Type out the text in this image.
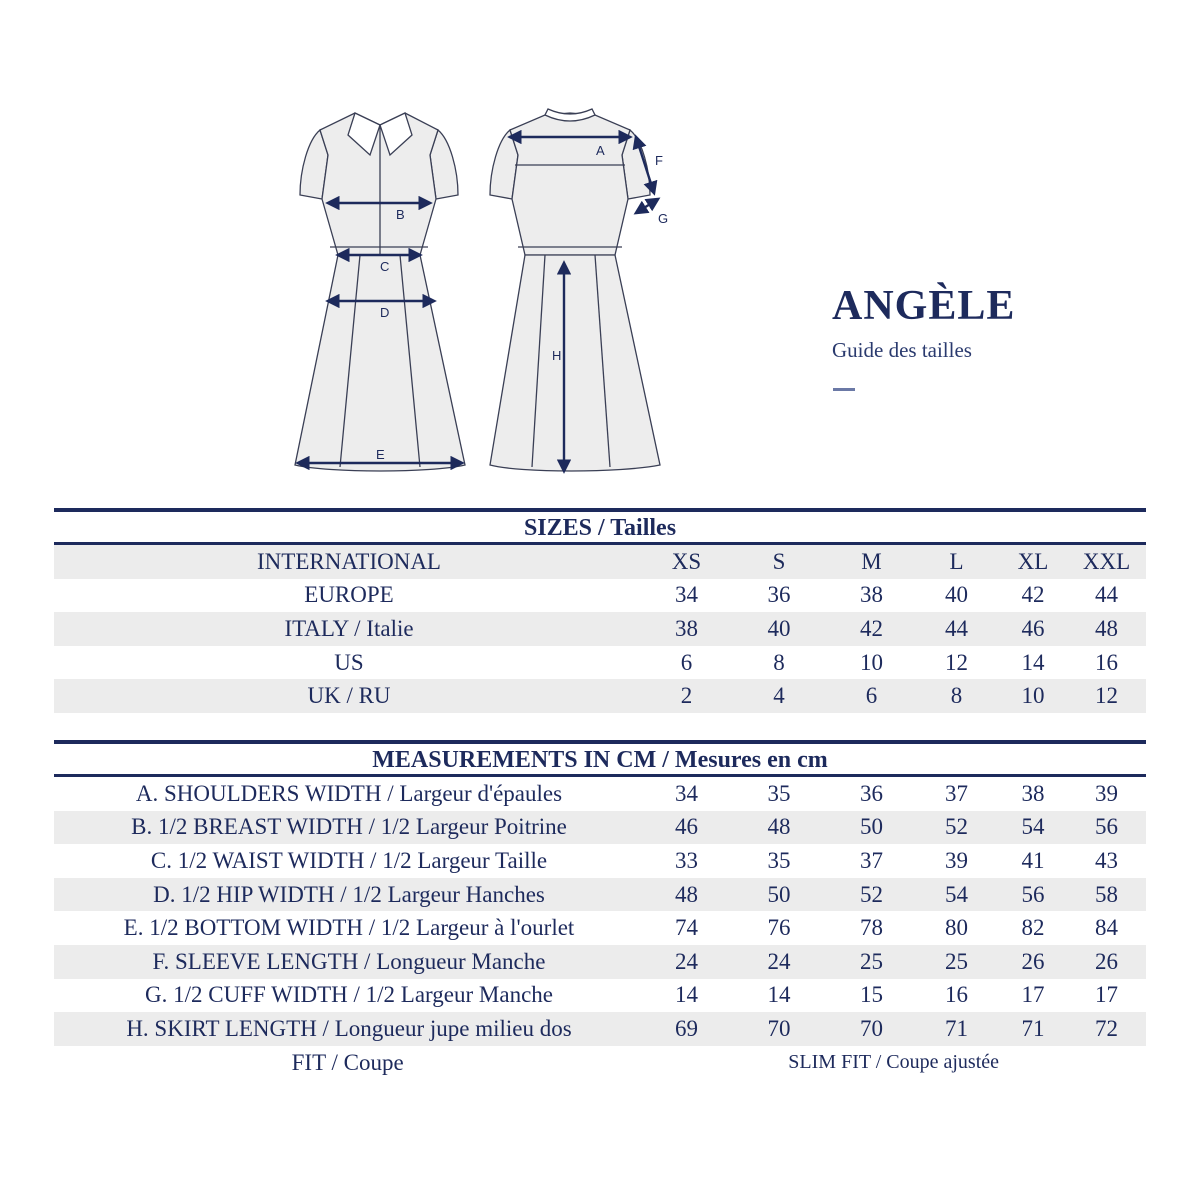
B
C
D
E
A
F
G
H
ANGÈLE
Guide des tailles
SIZES / Tailles
INTERNATIONAL	XS	S	M	L	XL	XXL
EUROPE	34	36	38	40	42	44
ITALY / Italie	38	40	42	44	46	48
US	6	8	10	12	14	16
UK / RU	2	4	6	8	10	12
MEASUREMENTS IN CM / Mesures en cm
A. SHOULDERS WIDTH / Largeur d'épaules	34	35	36	37	38	39
B. 1/2 BREAST WIDTH / 1/2 Largeur Poitrine	46	48	50	52	54	56
C. 1/2 WAIST WIDTH / 1/2 Largeur Taille	33	35	37	39	41	43
D. 1/2 HIP WIDTH / 1/2 Largeur Hanches	48	50	52	54	56	58
E. 1/2 BOTTOM WIDTH / 1/2 Largeur à l'ourlet	74	76	78	80	82	84
F. SLEEVE LENGTH / Longueur Manche	24	24	25	25	26	26
G. 1/2 CUFF WIDTH / 1/2 Largeur Manche	14	14	15	16	17	17
H. SKIRT LENGTH / Longueur jupe milieu dos	69	70	70	71	71	72
FIT / Coupe	SLIM FIT / Coupe ajustée
